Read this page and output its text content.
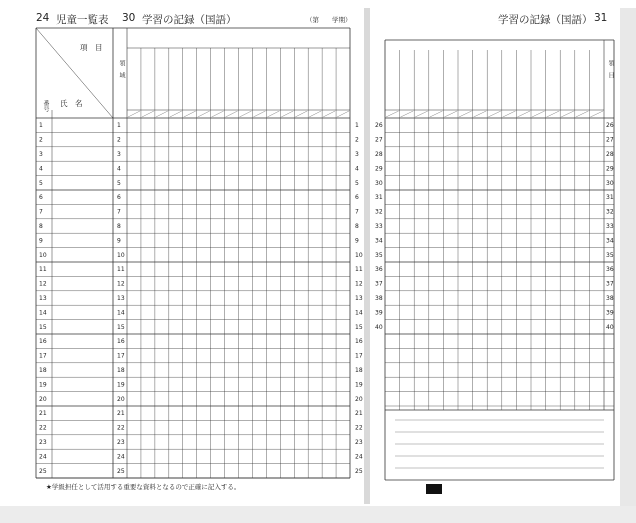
24 児童一覧表 30 学習の記録（国語）	（第　　学期）	学習の記録（国語） 31
項　目
氏　名
番号
領　域	領　目
1	1	1
2	2	2
3	3	3
4	4	4
5	5	5
6	6	6
7	7	7
8	8	8
9	9	9
10	10	10
11	11	11
12	12	12
13	13	13
14	14	14
15	15	15
16	16	16
17	17	17
18	18	18
19	19	19
20	20	20
21	21	21
22	22	22
23	23	23
24	24	24
25	25	25
26	26
27	27
28	28
29	29
30	30
31	31
32	32
33	33
34	34
35	35
36	36
37	37
38	38
39	39
40	40
★学級担任として活用する重要な資料となるので正確に記入する。
